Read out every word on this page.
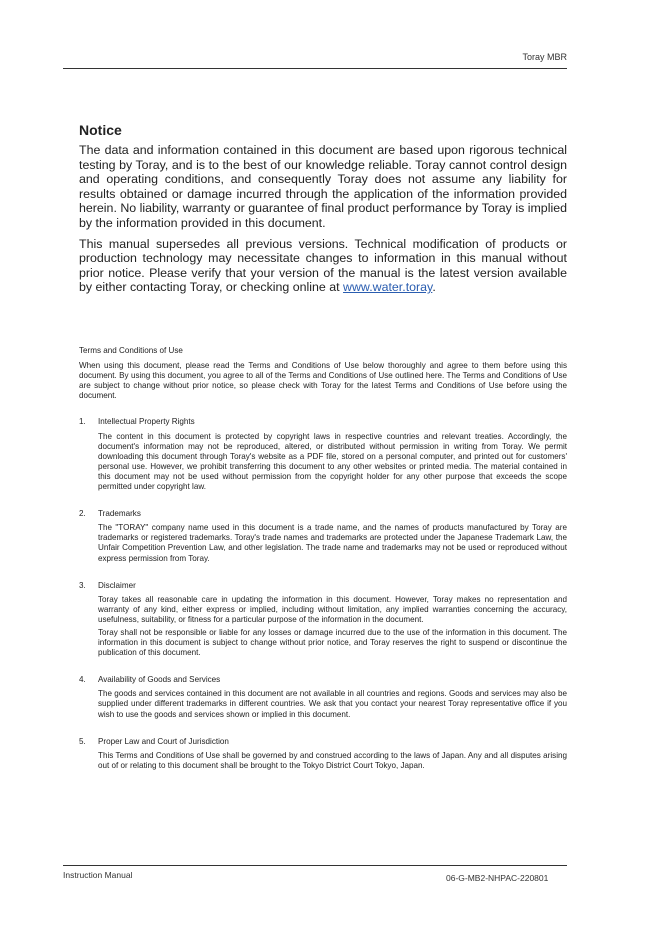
Toray MBR
Notice

The data and information contained in this document are based upon rigorous technical testing by Toray, and is to the best of our knowledge reliable. Toray cannot control design and operating conditions, and consequently Toray does not assume any liability for results obtained or damage incurred through the application of the information provided herein. No liability, warranty or guarantee of final product performance by Toray is implied by the information provided in this document.

This manual supersedes all previous versions. Technical modification of products or production technology may necessitate changes to information in this manual without prior notice. Please verify that your version of the manual is the latest version available by either contacting Toray, or checking online at www.water.toray.

Terms and Conditions of Use

When using this document, please read the Terms and Conditions of Use below thoroughly and agree to them before using this document. By using this document, you agree to all of the Terms and Conditions of Use outlined here. The Terms and Conditions of Use are subject to change without prior notice, so please check with Toray for the latest Terms and Conditions of Use before using the document.

1. Intellectual Property Rights

The content in this document is protected by copyright laws in respective countries and relevant treaties. Accordingly, the document's information may not be reproduced, altered, or distributed without permission in writing from Toray. We permit downloading this document through Toray's website as a PDF file, stored on a personal computer, and printed out for customers' personal use. However, we prohibit transferring this document to any other websites or printed media. The material contained in this document may not be used without permission from the copyright holder for any other purpose that exceeds the scope permitted under copyright law.

2. Trademarks

The "TORAY" company name used in this document is a trade name, and the names of products manufactured by Toray are trademarks or registered trademarks. Toray's trade names and trademarks are protected under the Japanese Trademark Law, the Unfair Competition Prevention Law, and other legislation. The trade name and trademarks may not be used or reproduced without express permission from Toray.

3. Disclaimer

Toray takes all reasonable care in updating the information in this document. However, Toray makes no representation and warranty of any kind, either express or implied, including without limitation, any implied warranties concerning the accuracy, usefulness, suitability, or fitness for a particular purpose of the information in the document.

Toray shall not be responsible or liable for any losses or damage incurred due to the use of the information in this document. The information in this document is subject to change without prior notice, and Toray reserves the right to suspend or discontinue the publication of this document.

4. Availability of Goods and Services

The goods and services contained in this document are not available in all countries and regions. Goods and services may also be supplied under different trademarks in different countries. We ask that you contact your nearest Toray representative office if you wish to use the goods and services shown or implied in this document.

5. Proper Law and Court of Jurisdiction

This Terms and Conditions of Use shall be governed by and construed according to the laws of Japan. Any and all disputes arising out of or relating to this document shall be brought to the Tokyo District Court Tokyo, Japan.

Instruction Manual	06-G-MB2-NHPAC-220801
